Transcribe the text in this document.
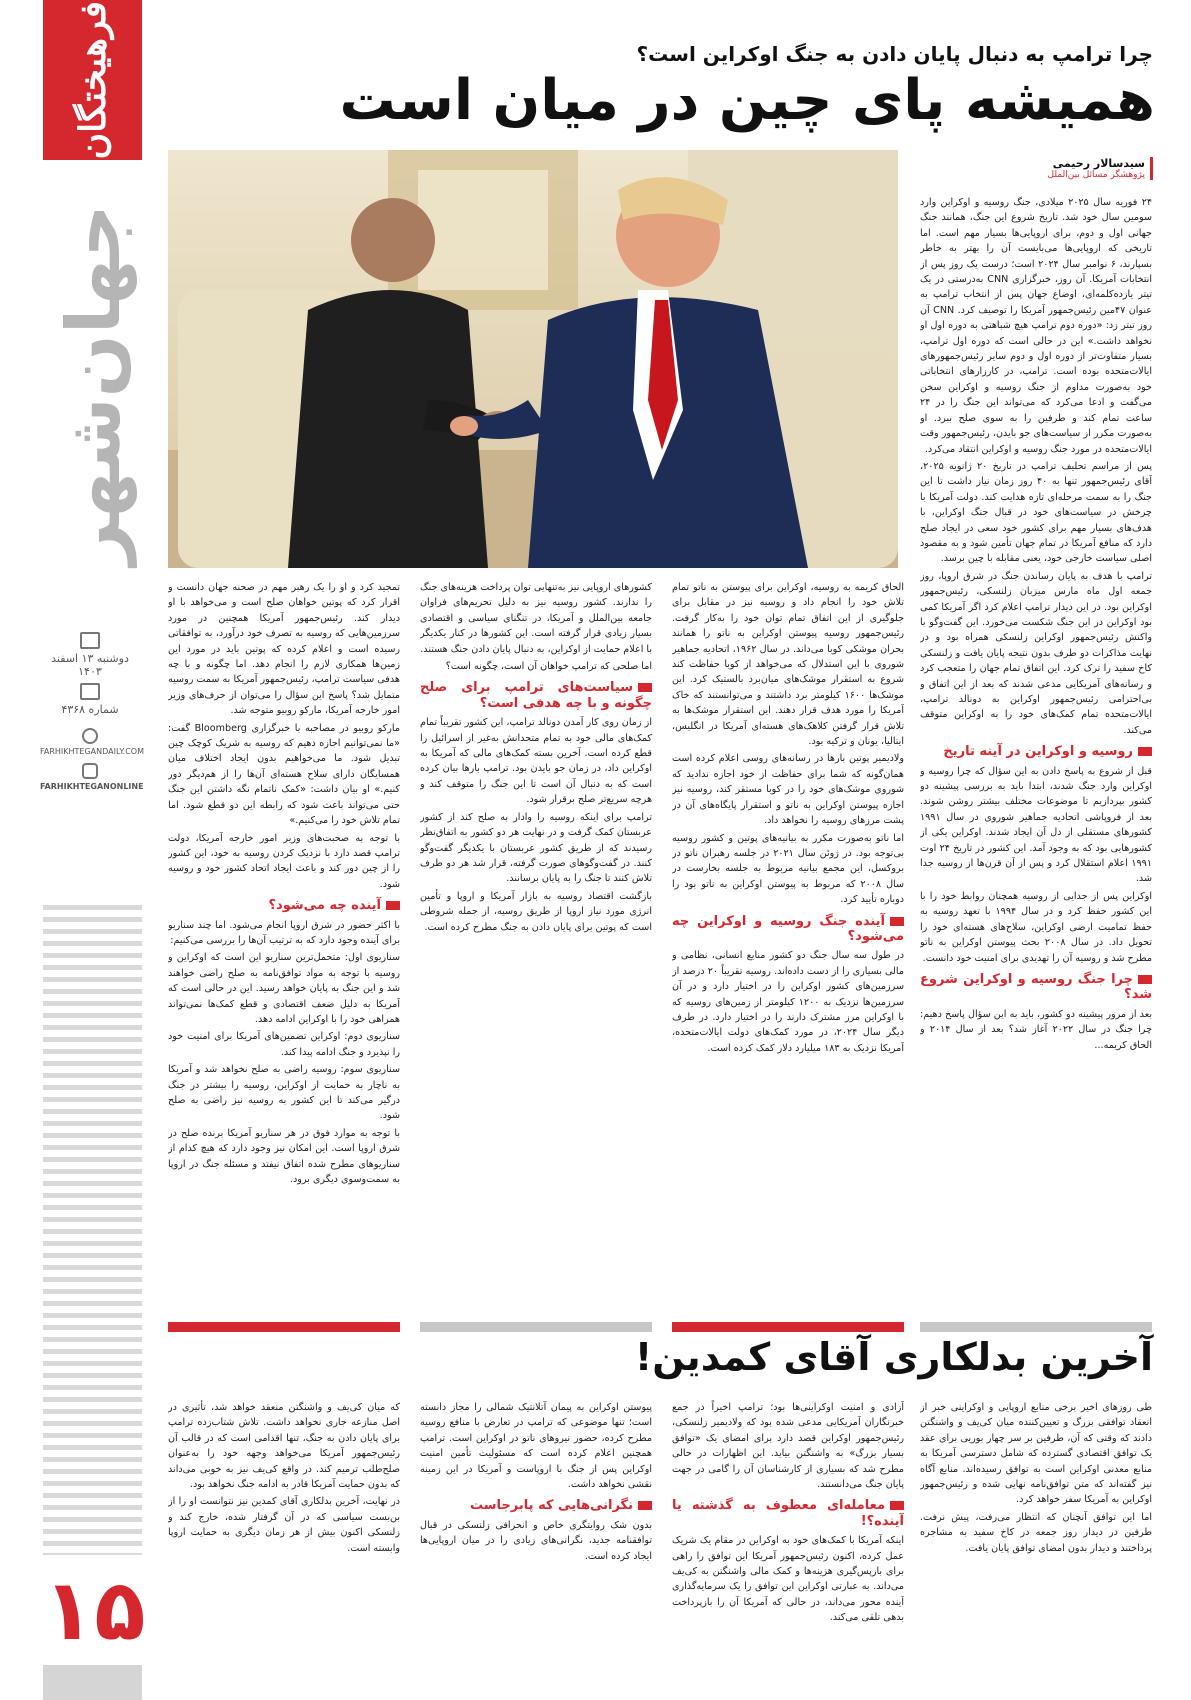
فرهیختگان
جهان‌شهر
دوشنبه ۱۳ اسفند ۱۴۰۳
شماره ۴۳۶۸
FARHIKHTEGANDAILY.COM
FARHIKHTEGANONLINE
۱۵
چرا ترامپ به دنبال پایان دادن به جنگ اوکراین است؟
همیشه پای چین در میان است
سیدسالار رحیمی
پژوهشگر مسائل بین‌الملل

۲۴ فوریه سال ۲۰۲۵ میلادی، جنگ روسیه و اوکراین وارد سومین سال خود شد. تاریخ شروع این جنگ، همانند جنگ جهانی اول و دوم، برای اروپایی‌ها بسیار مهم است. اما تاریخی که اروپایی‌ها می‌بایست آن را بهتر به خاطر بسپارند، ۶ نوامبر سال ۲۰۲۴ است؛ درست یک روز پس از انتخابات آمریکا. آن روز، خبرگزاری CNN به‌درستی در یک تیتر یازده‌کلمه‌ای، اوضاع جهان پس از انتخاب ترامپ به عنوان ۴۷مین رئیس‌جمهور آمریکا را توصیف کرد. CNN آن روز تیتر زد: «دوره دوم ترامپ هیچ شباهتی به دوره اول او نخواهد داشت.» این در حالی است که دوره اول ترامپ، بسیار متفاوت‌تر از دوره اول و دوم سایر رئیس‌جمهورهای ایالات‌متحده بوده است. ترامپ، در کارزارهای انتخاباتی خود به‌صورت مداوم از جنگ روسیه و اوکراین سخن می‌گفت و ادعا می‌کرد که می‌تواند این جنگ را در ۲۴ ساعت تمام کند و طرفین را به سوی صلح ببرد. او به‌صورت مکرر از سیاست‌های جو بایدن، رئیس‌جمهور وقت ایالات‌متحده در مورد جنگ روسیه و اوکراین انتقاد می‌کرد.

پس از مراسم تحلیف ترامپ در تاریخ ۲۰ ژانویه ۲۰۲۵، آقای رئیس‌جمهور تنها به ۴۰ روز زمان نیاز داشت تا این جنگ را به سمت مرحله‌ای تازه هدایت کند. دولت آمریکا با چرخش در سیاست‌های خود در قبال جنگ اوکراین، با هدف‌های بسیار مهم برای کشور خود سعی در ایجاد صلح دارد که منافع آمریکا در تمام جهان تأمین شود و به مقصود اصلی سیاست خارجی خود، یعنی مقابله با چین برسد.

ترامپ با هدف به پایان رساندن جنگ در شرق اروپا، روز جمعه اول ماه مارس میزبان زلنسکی، رئیس‌جمهور اوکراین بود. در این دیدار ترامپ اعلام کرد اگر آمریکا کمی بود اوکراین در این جنگ شکست می‌خورد. این گفت‌وگو با واکنش رئیس‌جمهور اوکراین زلنسکی همراه بود و در نهایت مذاکرات دو طرف بدون نتیجه پایان یافت و زلنسکی کاخ سفید را ترک کرد. این اتفاق تمام جهان را متعجب کرد و رسانه‌های آمریکایی مدعی شدند که بعد از این اتفاق و بی‌احترامی رئیس‌جمهور اوکراین به دونالد ترامپ، ایالات‌متحده تمام کمک‌های خود را به اوکراین متوقف می‌کند.

روسیه و اوکراین در آینه تاریخ

قبل از شروع به پاسخ دادن به این سؤال که چرا روسیه و اوکراین وارد جنگ شدند، ابتدا باید به بررسی پیشینه دو کشور بپردازیم تا موضوعات مختلف بیشتر روشن شوند. بعد از فروپاشی اتحادیه جماهیر شوروی در سال ۱۹۹۱ کشورهای مستقلی از دل آن ایجاد شدند. اوکراین یکی از کشورهایی بود که به وجود آمد. این کشور در تاریخ ۲۴ اوت ۱۹۹۱ اعلام استقلال کرد و پس از آن قرن‌ها از روسیه جدا شد.

اوکراین پس از جدایی از روسیه همچنان روابط خود را با این کشور حفظ کرد و در سال ۱۹۹۴ با تعهد روسیه به حفظ تمامیت ارضی اوکراین، سلاح‌های هسته‌ای خود را تحویل داد. در سال ۲۰۰۸ بحث پیوستن اوکراین به ناتو مطرح شد و روسیه آن را تهدیدی برای امنیت خود دانست.

چرا جنگ روسیه و اوکراین شروع شد؟

بعد از مرور پیشینه دو کشور، باید به این سؤال پاسخ دهیم: چرا جنگ در سال ۲۰۲۲ آغاز شد؟ بعد از سال ۲۰۱۴ و الحاق کریمه...

الحاق کریمه به روسیه، اوکراین برای پیوستن به ناتو تمام تلاش خود را انجام داد و روسیه نیز در مقابل برای جلوگیری از این اتفاق تمام توان خود را به‌کار گرفت. رئیس‌جمهور روسیه پیوستن اوکراین به ناتو را همانند بحران موشکی کوبا می‌داند. در سال ۱۹۶۲، اتحادیه جماهیر شوروی با این استدلال که می‌خواهد از کوبا حفاظت کند شروع به استقرار موشک‌های میان‌برد بالستیک کرد. این موشک‌ها ۱۶۰۰ کیلومتر برد داشتند و می‌توانستند که خاک آمریکا را مورد هدف قرار دهند. این استقرار موشک‌ها به تلاش قرار گرفتن کلاهک‌های هسته‌ای آمریکا در انگلیس، ایتالیا، یونان و ترکیه بود.

ولادیمیر پوتین بارها در رسانه‌های روسی اعلام کرده است همان‌گونه که شما برای حفاظت از خود اجازه ندادید که شوروی موشک‌های خود را در کوبا مستقر کند، روسیه نیز اجازه پیوستن اوکراین به ناتو و استقرار پایگاه‌های آن در پشت مرزهای روسیه را نخواهد داد.

اما ناتو به‌صورت مکرر به بیانیه‌های پوتین و کشور روسیه بی‌توجه بود. در ژوئن سال ۲۰۲۱ در جلسه رهبران ناتو در بروکسل، این مجمع بیانیه مربوط به جلسه بخارست در سال ۲۰۰۸ که مربوط به پیوستن اوکراین به ناتو بود را دوباره تأیید کرد.

آینده جنگ روسیه و اوکراین چه می‌شود؟

در طول سه سال جنگ دو کشور منابع انسانی، نظامی و مالی بسیاری را از دست داده‌اند. روسیه تقریباً ۲۰ درصد از سرزمین‌های کشور اوکراین را در اختیار دارد و در آن سرزمین‌ها نزدیک به ۱۲۰۰ کیلومتر از زمین‌های روسیه که با اوکراین مرز مشترک دارند را در اختیار دارد. در طرف دیگر سال ۲۰۲۴، در مورد کمک‌های دولت ایالات‌متحده، آمریکا نزدیک به ۱۸۳ میلیارد دلار کمک کرده است.

کشورهای اروپایی نیز به‌تنهایی توان پرداخت هزینه‌های جنگ را ندارند. کشور روسیه نیز به دلیل تحریم‌های فراوان جامعه بین‌الملل و آمریکا، در تنگنای سیاسی و اقتصادی بسیار زیادی قرار گرفته است. این کشورها در کنار یکدیگر با اعلام حمایت از اوکراین، به دنبال پایان دادن جنگ هستند.

اما صلحی که ترامپ خواهان آن است، چگونه است؟

سیاست‌های ترامپ برای صلح چگونه و با چه هدفی است؟

از زمان روی کار آمدن دونالد ترامپ، این کشور تقریباً تمام کمک‌های مالی خود به تمام متحدانش به‌غیر از اسرائیل را قطع کرده است. آخرین بسته کمک‌های مالی که آمریکا به اوکراین داد، در زمان جو بایدن بود. ترامپ بارها بیان کرده است که به دنبال آن است تا این جنگ را متوقف کند و هرچه سریع‌تر صلح برقرار شود.

ترامپ برای اینکه روسیه را وادار به صلح کند از کشور عربستان کمک گرفت و در نهایت هر دو کشور به اتفاق‌نظر رسیدند که از طریق کشور عربستان با یکدیگر گفت‌وگو کنند. در گفت‌وگوهای صورت گرفته، قرار شد هر دو طرف تلاش کنند تا جنگ را به پایان برسانند.

بازگشت اقتصاد روسیه به بازار آمریکا و اروپا و تأمین انرژی مورد نیاز اروپا از طریق روسیه، از جمله شروطی است که پوتین برای پایان دادن به جنگ مطرح کرده است.

تمجید کرد و او را یک رهبر مهم در صحنه جهان دانست و اقرار کرد که پوتین خواهان صلح است و می‌خواهد با او دیدار کند. رئیس‌جمهور آمریکا همچنین در مورد سرزمین‌هایی که روسیه به تصرف خود درآورد، به توافقاتی رسیده است و اعلام کرده که پوتین باید در مورد این زمین‌ها همکاری لازم را انجام دهد. اما چگونه و با چه هدفی سیاست ترامپ، رئیس‌جمهور آمریکا به سمت روسیه متمایل شد؟ پاسخ این سؤال را می‌توان از حرف‌های وزیر امور خارجه آمریکا، مارکو روبیو متوجه شد.

مارکو روبیو در مصاحبه با خبرگزاری Bloomberg گفت: «ما نمی‌توانیم اجازه دهیم که روسیه به شریک کوچک چین تبدیل شود. ما می‌خواهیم بدون ایجاد اختلاف میان همسایگان دارای سلاح هسته‌ای آن‌ها را از هم‌دیگر دور کنیم.» او بیان داشت: «کمک ناتمام نگه داشتن این جنگ حتی می‌تواند باعث شود که رابطه این دو قطع شود. اما تمام تلاش خود را می‌کنیم.»

با توجه به صحبت‌های وزیر امور خارجه آمریکا، دولت ترامپ قصد دارد با نزدیک کردن روسیه به خود، این کشور را از چین دور کند و باعث ایجاد اتحاد کشور خود و روسیه شود.

آینده چه می‌شود؟

با اکثر حضور در شرق اروپا انجام می‌شود. اما چند سناریو برای آینده وجود دارد که به ترتیب آن‌ها را بررسی می‌کنیم:

سناریوی اول: متحمل‌ترین سناریو این است که اوکراین و روسیه با توجه به مواد توافق‌نامه به صلح راضی خواهند شد و این جنگ به پایان خواهد رسید. این در حالی است که آمریکا به دلیل ضعف اقتصادی و قطع کمک‌ها نمی‌تواند همراهی خود را با اوکراین ادامه دهد.

سناریوی دوم: اوکراین تضمین‌های آمریکا برای امنیت خود را نپذیرد و جنگ ادامه پیدا کند.

سناریوی سوم: روسیه راضی به صلح نخواهد شد و آمریکا به ناچار به حمایت از اوکراین، روسیه را بیشتر در جنگ درگیر می‌کند تا این کشور به روسیه نیز راضی به صلح شود.

با توجه به موارد فوق در هر سناریو آمریکا برنده صلح در شرق اروپا است. این امکان نیز وجود دارد که هیچ کدام از سناریوهای مطرح شده اتفاق نیفتد و مسئله جنگ در اروپا به سمت‌وسوی دیگری برود.

آخرین بدلکاری آقای کمدین!

طی روزهای اخیر برخی منابع اروپایی و اوکراینی خبر از انعقاد توافقی بزرگ و تعیین‌کننده میان کی‌یف و واشنگتن دادند که وقتی که آن، طرفین بر سر چهار بوریی برای عقد یک توافق اقتصادی گسترده که شامل دسترسی آمریکا به منابع معدنی اوکراین است به توافق رسیده‌اند. منابع آگاه نیز گفته‌اند که متن توافق‌نامه نهایی شده و رئیس‌جمهور اوکراین به آمریکا سفر خواهد کرد.

اما این توافق آنچنان که انتظار می‌رفت، پیش نرفت. طرفین در دیدار روز جمعه در کاخ سفید به مشاجره پرداختند و دیدار بدون امضای توافق پایان یافت.

آزادی و امنیت اوکراینی‌ها بود؛ ترامپ اخیراً در جمع خبرنگاران آمریکایی مدعی شده بود که ولادیمیر زلنسکی، رئیس‌جمهور اوکراین قصد دارد برای امضای یک «توافق بسیار بزرگ» به واشنگتن بیاید. این اظهارات در حالی مطرح شد که بسیاری از کارشناسان آن را گامی در جهت پایان جنگ می‌دانستند.

معامله‌ای معطوف به گذشته یا آینده؟!

اینکه آمریکا با کمک‌های خود به اوکراین در مقام یک شریک عمل کرده، اکنون رئیس‌جمهور آمریکا این توافق را راهی برای بازپس‌گیری هزینه‌ها و کمک مالی واشنگتن به کی‌یف می‌داند. به عبارتی اوکراین این توافق را یک سرمایه‌گذاری آینده محور می‌داند، در حالی که آمریکا آن را بازپرداخت بدهی تلقی می‌کند.

پیوستن اوکراین به پیمان آتلانتیک شمالی را مجاز دانسته است؛ تنها موضوعی که ترامپ در تعارض با منافع روسیه مطرح کرده، حضور نیروهای ناتو در اوکراین است. ترامپ همچنین اعلام کرده است که مسئولیت تأمین امنیت اوکراین پس از جنگ با اروپاست و آمریکا در این زمینه نقشی نخواهد داشت.

نگرانی‌هایی که پابرجاست

بدون شک روایتگری خاص و انحرافی زلنسکی در قبال توافقنامه جدید، نگرانی‌های زیادی را در میان اروپایی‌ها ایجاد کرده است.

که میان کی‌یف و واشنگتن منعقد خواهد شد، تأثیری در اصل منازعه جاری نخواهد داشت. تلاش شتاب‌زده ترامپ برای پایان دادن به جنگ، تنها اقدامی است که در قالب آن رئیس‌جمهور آمریکا می‌خواهد وجهه خود را به‌عنوان صلح‌طلب ترمیم کند. در واقع کی‌یف نیز به خوبی می‌داند که بدون حمایت آمریکا قادر به ادامه جنگ نخواهد بود.

در نهایت، آخرین بدلکاری آقای کمدین نیز نتوانست او را از بن‌بست سیاسی که در آن گرفتار شده، خارج کند و زلنسکی اکنون بیش از هر زمان دیگری به حمایت اروپا وابسته است.
